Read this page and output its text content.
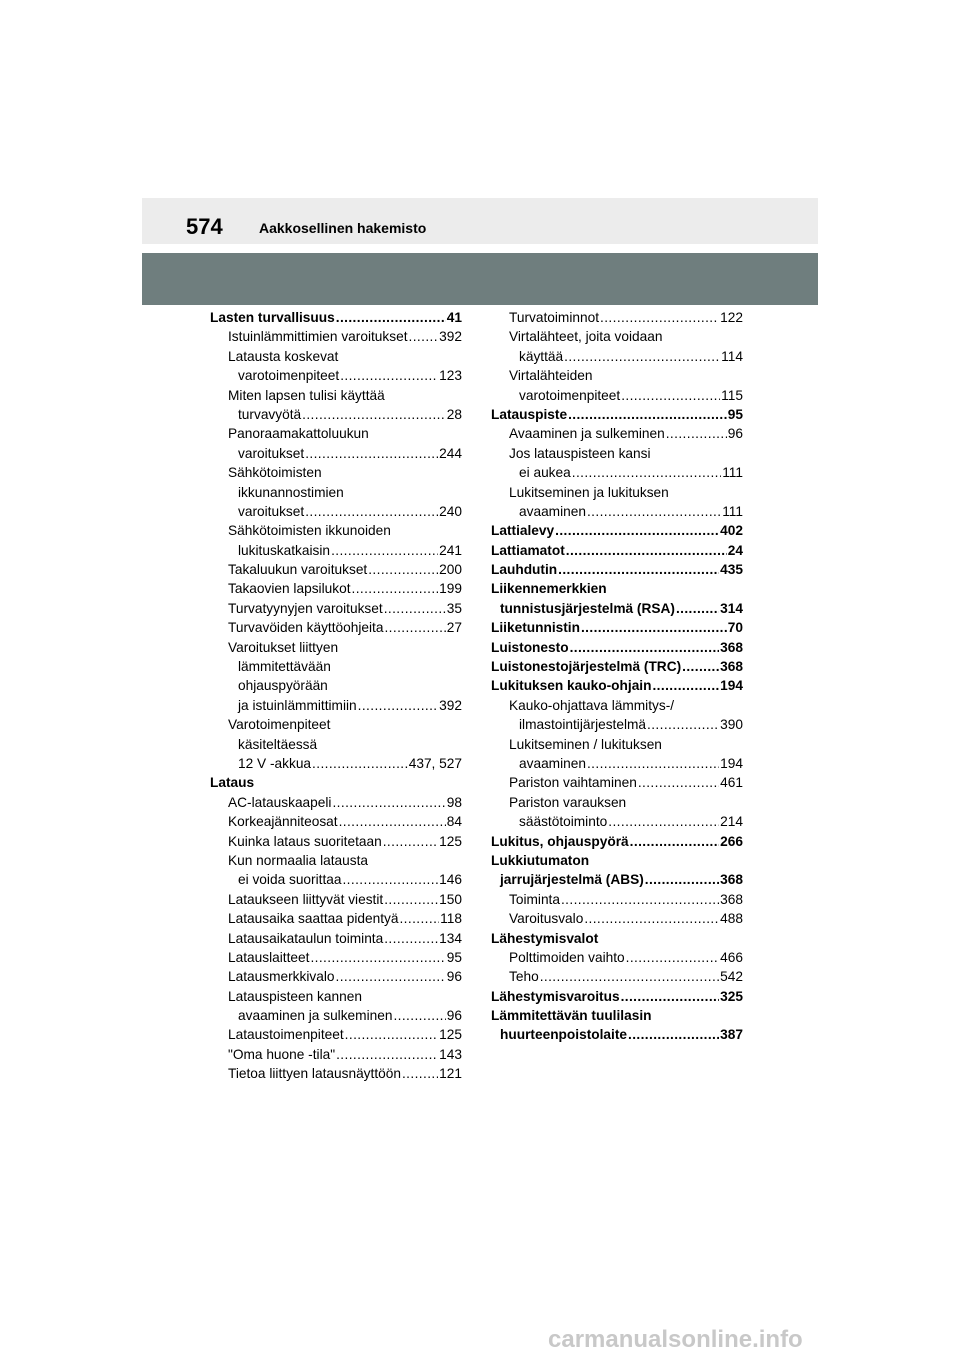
574	Aakkosellinen hakemisto
Lasten turvallisuus .....	41
Istuinlämmittimien varoitukset ..... 392
Latausta koskevat
varotoimenpiteet .....	123
Miten lapsen tulisi käyttää
turvavyötä .....	28
Panoraamakattoluukun
varoitukset .....	244
Sähkötoimisten
ikkunannostimien
varoitukset .....	240
Sähkötoimisten ikkunoiden
lukituskatkaisin .....	241
Takaluukun varoitukset .....	200
Takaovien lapsilukot .....	199
Turvatyynyjen varoitukset .....	35
Turvavöiden käyttöohjeita .....	27
Varoitukset liittyen
lämmitettävään
ohjauspyörään
ja istuinlämmittimiin .....	392
Varotoimenpiteet
käsiteltäessä
12 V -akkua .....	437, 527
Lataus
AC-latauskaapeli .....	98
Korkeajänniteosat .....	84
Kuinka lataus suoritetaan .....	125
Kun normaalia latausta
ei voida suorittaa .....	146
Lataukseen liittyvät viestit .....	150
Latausaika saattaa pidentyä .....	118
Latausaikataulun toiminta .....	134
Latauslaitteet .....	95
Latausmerkkivalo .....	96
Latauspisteen kannen
avaaminen ja sulkeminen .....	96
Lataustoimenpiteet .....	125
"Oma huone -tila" .....	143
Tietoa liittyen latausnäyttöön .....	121
Turvatoiminnot .....	122
Virtalähteet, joita voidaan
käyttää .....	114
Virtalähteiden
varotoimenpiteet .....	115
Latauspiste .....	95
Avaaminen ja sulkeminen .....	96
Jos latauspisteen kansi
ei aukea .....	111
Lukitseminen ja lukituksen
avaaminen .....	111
Lattialevy .....	402
Lattiamatot .....	24
Lauhdutin .....	435
Liikennemerkkien
tunnistusjärjestelmä (RSA) .....	314
Liiketunnistin .....	70
Luistonesto .....	368
Luistonestojärjestelmä (TRC) .....	368
Lukituksen kauko-ohjain .....	194
Kauko-ohjattava lämmitys-/
ilmastointijärjestelmä .....	390
Lukitseminen / lukituksen
avaaminen .....	194
Pariston vaihtaminen .....	461
Pariston varauksen
säästötoiminto .....	214
Lukitus, ohjauspyörä .....	266
Lukkiutumaton
jarrujärjestelmä (ABS) .....	368
Toiminta .....	368
Varoitusvalo .....	488
Lähestymisvalot
Polttimoiden vaihto .....	466
Teho .....	542
Lähestymisvaroitus .....	325
Lämmitettävän tuulilasin
huurteenpoistolaite .....	387
carmanualsonline.info
